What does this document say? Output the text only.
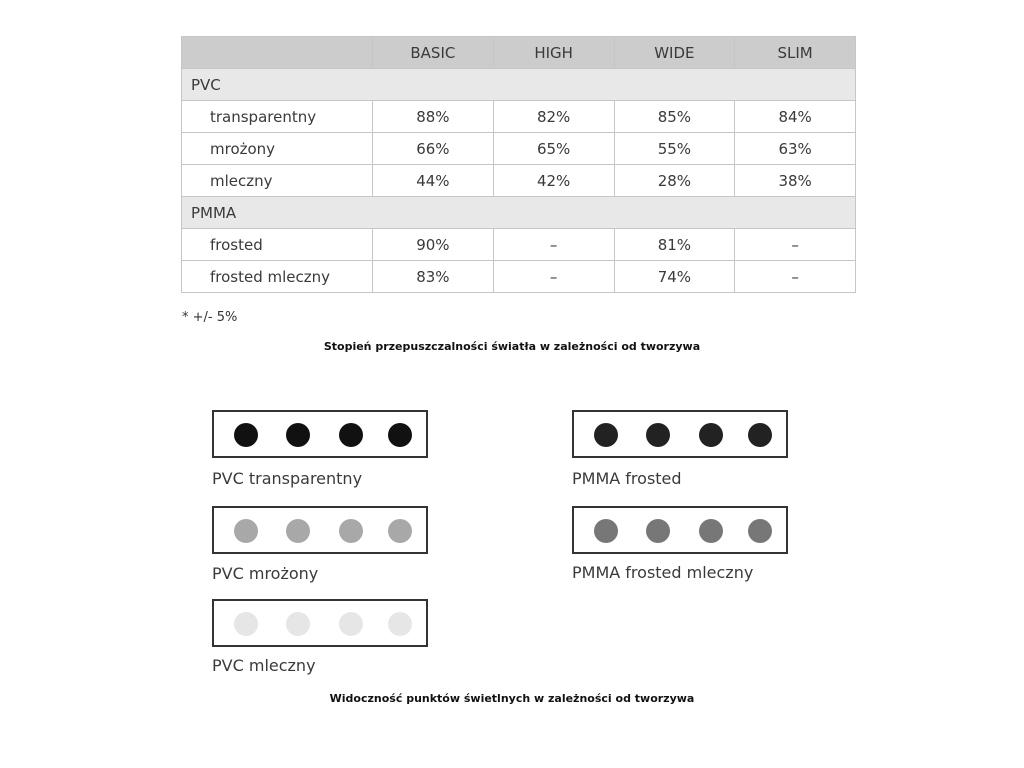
	BASIC	HIGH	WIDE	SLIM
PVC				
transparentny	88%	82%	85%	84%
mrożony	66%	65%	55%	63%
mleczny	44%	42%	28%	38%
PMMA				
frosted	90%	–	81%	–
frosted mleczny	83%	–	74%	–
* +/- 5%
Stopień przepuszczalności światła w zależności od tworzywa
PVC transparentny
PVC mrożony
PVC mleczny
PMMA frosted
PMMA frosted mleczny
Widoczność punktów świetlnych w zależności od tworzywa
